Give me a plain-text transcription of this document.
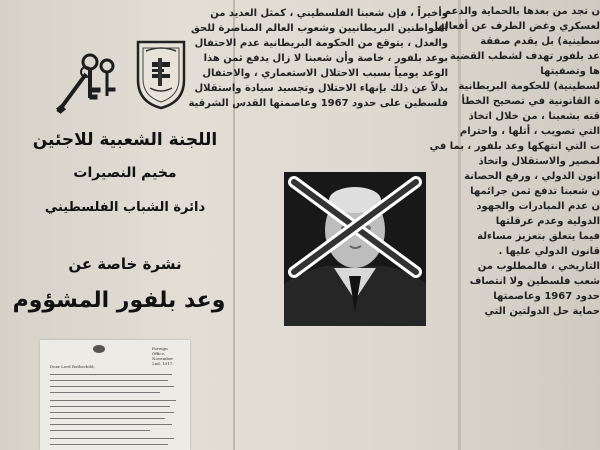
اللجنة الشعبية للاجئين
مخيم النصيرات
دائرة الشباب الفلسطيني
نشرة خاصة عن
وعد بلفور المشؤوم
Foreign Office,
November 2nd, 1917.
Dear Lord Rothschild,

وأخيراً ، فإن شعبنا الفلسطيني ، كمثل العديد من

المواطنين البريطانيين وشعوب العالم المناصرة للحق

والعدل ، يتوقع من الحكومة البريطانية عدم الاحتفال

بوعد بلفور ، خاصة وأن شعبنا لا زال يدفع ثمن هذا

الوعد يومياً بسبب الاحتلال الاستعماري ، والاحتفال

بدلاً عن ذلك بإنهاء الاحتلال وتجسيد سيادة واستقلال

فلسطين على حدود 1967 وعاصمتها القدس الشرقية

ن تجد من بعدها بالحماية والدعم

لعسكري وغض الطرف عن أفعالها

سطينية) بل يقدم صفقة

عد بلفور تهدف لشطب القضية

ها وتصفيتها

لسطينية) للحكومة البريطانية

ة القانونية في تصحيح الخطأ

قته بشعبنا ، من خلال اتخاذ

التي تصويب ، أتلها ، واحترام

ت التي انتهكها وعد بلفور ، بما في

لمصير والاستقلال واتخاذ

انون الدولي ، ورفع الحصانة

ن شعبنا تدفع ثمن جرائمها

ن عدم المبادرات والجهود

الدولية وعدم عرقلتها

فيما يتعلق بتعزيز مساءلة

قانون الدولي عليها .

التاريخي ، فالمطلوب من

شعب فلسطين ولا انتصاف

حدود 1967 وعاصمتها

حماية حل الدولتين التي
